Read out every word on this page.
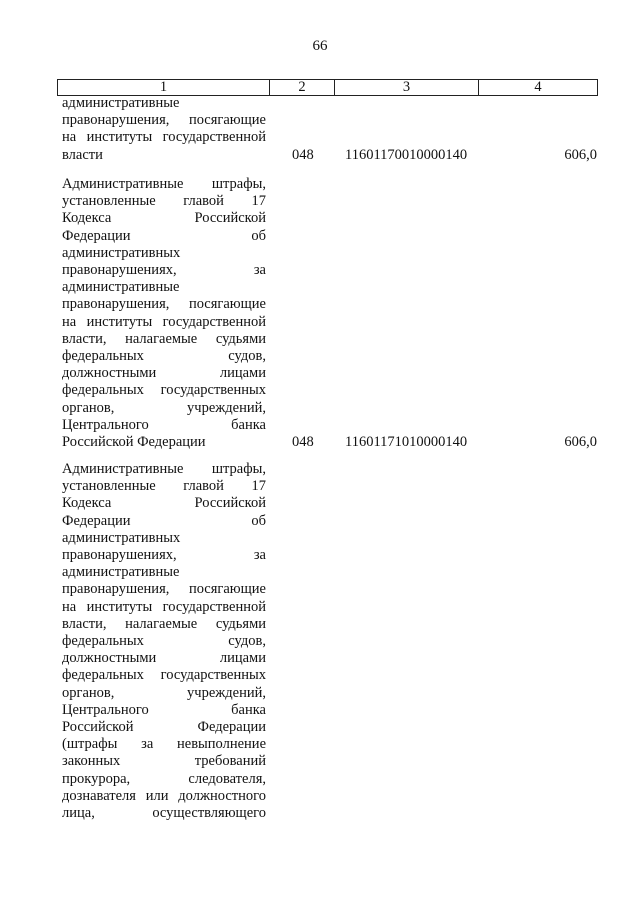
66
1	2	3	4

административные

правонарушения, посягающие

на институты государственной

власти	048	11601170010000140	606,0

Административные штрафы,

установленные главой 17

Кодекса Российской

Федерации об

административных

правонарушениях, за

административные

правонарушения, посягающие

на институты государственной

власти, налагаемые судьями

федеральных судов,

должностными лицами

федеральных государственных

органов, учреждений,

Центрального банка

Российской Федерации	048	11601171010000140	606,0

Административные штрафы,

установленные главой 17

Кодекса Российской

Федерации об

административных

правонарушениях, за

административные

правонарушения, посягающие

на институты государственной

власти, налагаемые судьями

федеральных судов,

должностными лицами

федеральных государственных

органов, учреждений,

Центрального банка

Российской Федерации

(штрафы за невыполнение

законных требований

прокурора, следователя,

дознавателя или должностного

лица, осуществляющего
